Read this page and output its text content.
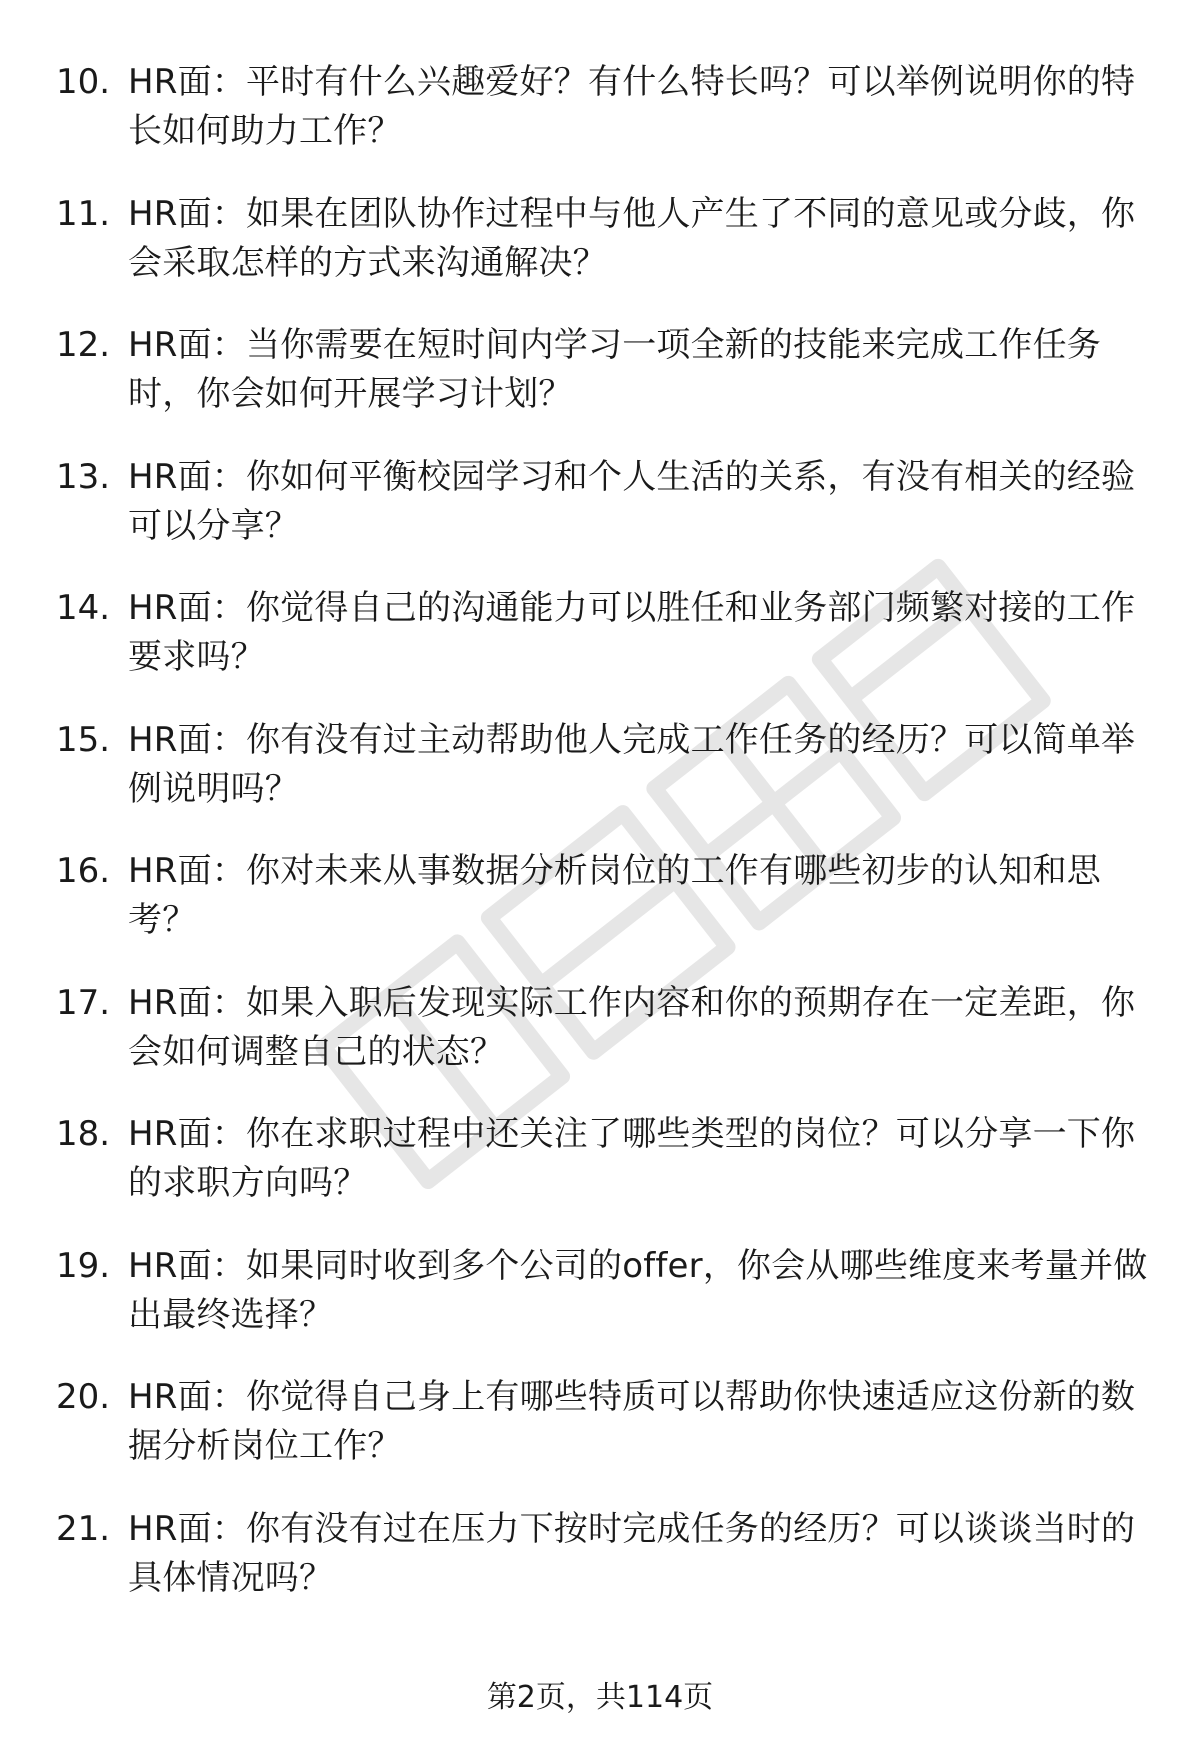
10. HR面：平时有什么兴趣爱好？有什么特长吗？可以举例说明你的特长如何助力工作？
11. HR面：如果在团队协作过程中与他人产生了不同的意见或分歧，你会采取怎样的方式来沟通解决？
12. HR面：当你需要在短时间内学习一项全新的技能来完成工作任务时，你会如何开展学习计划？
13. HR面：你如何平衡校园学习和个人生活的关系，有没有相关的经验可以分享？
14. HR面：你觉得自己的沟通能力可以胜任和业务部门频繁对接的工作要求吗？
15. HR面：你有没有过主动帮助他人完成工作任务的经历？可以简单举例说明吗？
16. HR面：你对未来从事数据分析岗位的工作有哪些初步的认知和思考？
17. HR面：如果入职后发现实际工作内容和你的预期存在一定差距，你会如何调整自己的状态？
18. HR面：你在求职过程中还关注了哪些类型的岗位？可以分享一下你的求职方向吗？
19. HR面：如果同时收到多个公司的offer，你会从哪些维度来考量并做出最终选择？
20. HR面：你觉得自己身上有哪些特质可以帮助你快速适应这份新的数据分析岗位工作？
21. HR面：你有没有过在压力下按时完成任务的经历？可以谈谈当时的具体情况吗？
第2页，共114页
